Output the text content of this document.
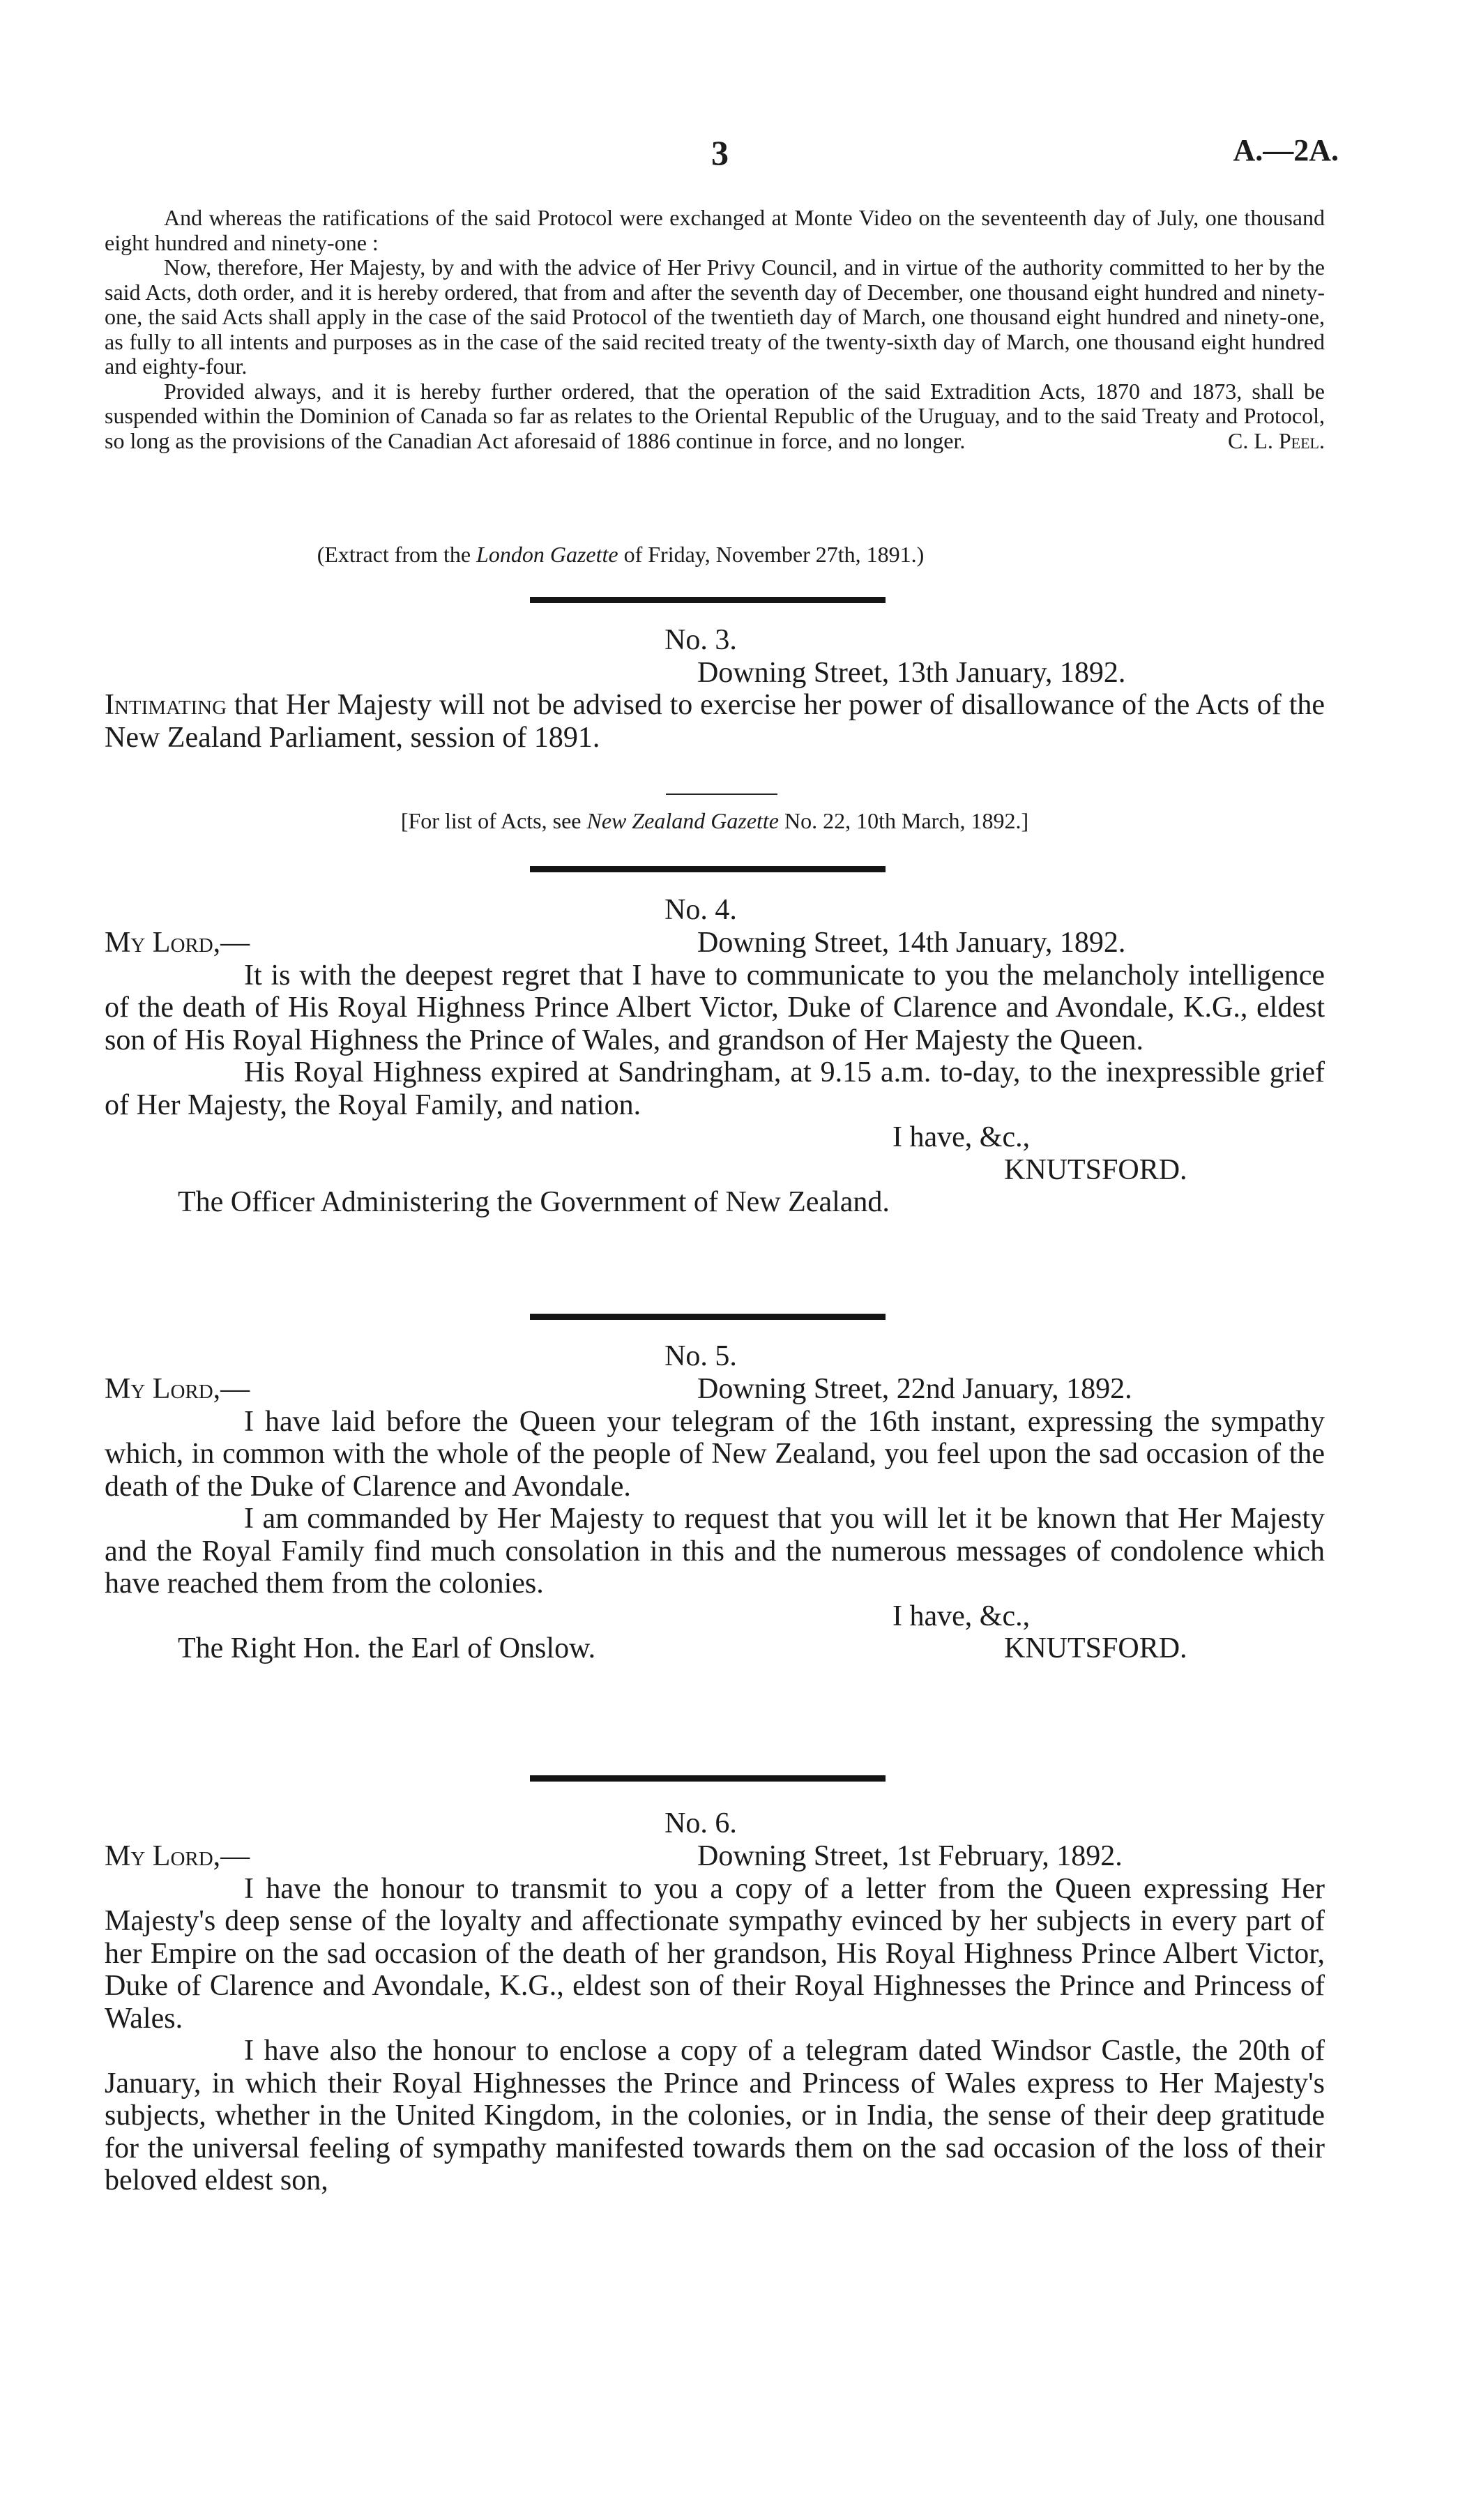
3	A.—2A.

And whereas the ratifications of the said Protocol were exchanged at Monte Video on the seventeenth day of July, one thousand eight hundred and ninety-one :

Now, therefore, Her Majesty, by and with the advice of Her Privy Council, and in virtue of the authority committed to her by the said Acts, doth order, and it is hereby ordered, that from and after the seventh day of December, one thousand eight hundred and ninety-one, the said Acts shall apply in the case of the said Protocol of the twentieth day of March, one thousand eight hundred and ninety-one, as fully to all intents and purposes as in the case of the said recited treaty of the twenty-sixth day of March, one thousand eight hundred and eighty-four.

Provided always, and it is hereby further ordered, that the operation of the said Extradition Acts, 1870 and 1873, shall be suspended within the Dominion of Canada so far as relates to the Oriental Republic of the Uruguay, and to the said Treaty and Protocol, so long as the provisions of the Canadian Act aforesaid of 1886 continue in force, and no longer.	C. L. Peel.

(Extract from the London Gazette of Friday, November 27th, 1891.)
No. 3.
Downing Street, 13th January, 1892.

Intimating that Her Majesty will not be advised to exercise her power of disallowance of the Acts of the New Zealand Parliament, session of 1891.

[For list of Acts, see New Zealand Gazette No. 22, 10th March, 1892.]
No. 4.
My Lord,—	Downing Street, 14th January, 1892.

It is with the deepest regret that I have to communicate to you the melancholy intelligence of the death of His Royal Highness Prince Albert Victor, Duke of Clarence and Avondale, K.G., eldest son of His Royal Highness the Prince of Wales, and grandson of Her Majesty the Queen.

His Royal Highness expired at Sandringham, at 9.15 a.m. to-day, to the inexpressible grief of Her Majesty, the Royal Family, and nation.

I have, &c.,
KNUTSFORD.
The Officer Administering the Government of New Zealand.
No. 5.
My Lord,—	Downing Street, 22nd January, 1892.

I have laid before the Queen your telegram of the 16th instant, expressing the sympathy which, in common with the whole of the people of New Zealand, you feel upon the sad occasion of the death of the Duke of Clarence and Avondale.

I am commanded by Her Majesty to request that you will let it be known that Her Majesty and the Royal Family find much consolation in this and the numerous messages of condolence which have reached them from the colonies.

I have, &c.,
The Right Hon. the Earl of Onslow.	KNUTSFORD.
No. 6.
My Lord,—	Downing Street, 1st February, 1892.

I have the honour to transmit to you a copy of a letter from the Queen expressing Her Majesty's deep sense of the loyalty and affectionate sympathy evinced by her subjects in every part of her Empire on the sad occasion of the death of her grandson, His Royal Highness Prince Albert Victor, Duke of Clarence and Avondale, K.G., eldest son of their Royal Highnesses the Prince and Princess of Wales.

I have also the honour to enclose a copy of a telegram dated Windsor Castle, the 20th of January, in which their Royal Highnesses the Prince and Princess of Wales express to Her Majesty's subjects, whether in the United Kingdom, in the colonies, or in India, the sense of their deep gratitude for the universal feeling of sympathy manifested towards them on the sad occasion of the loss of their beloved eldest son,
